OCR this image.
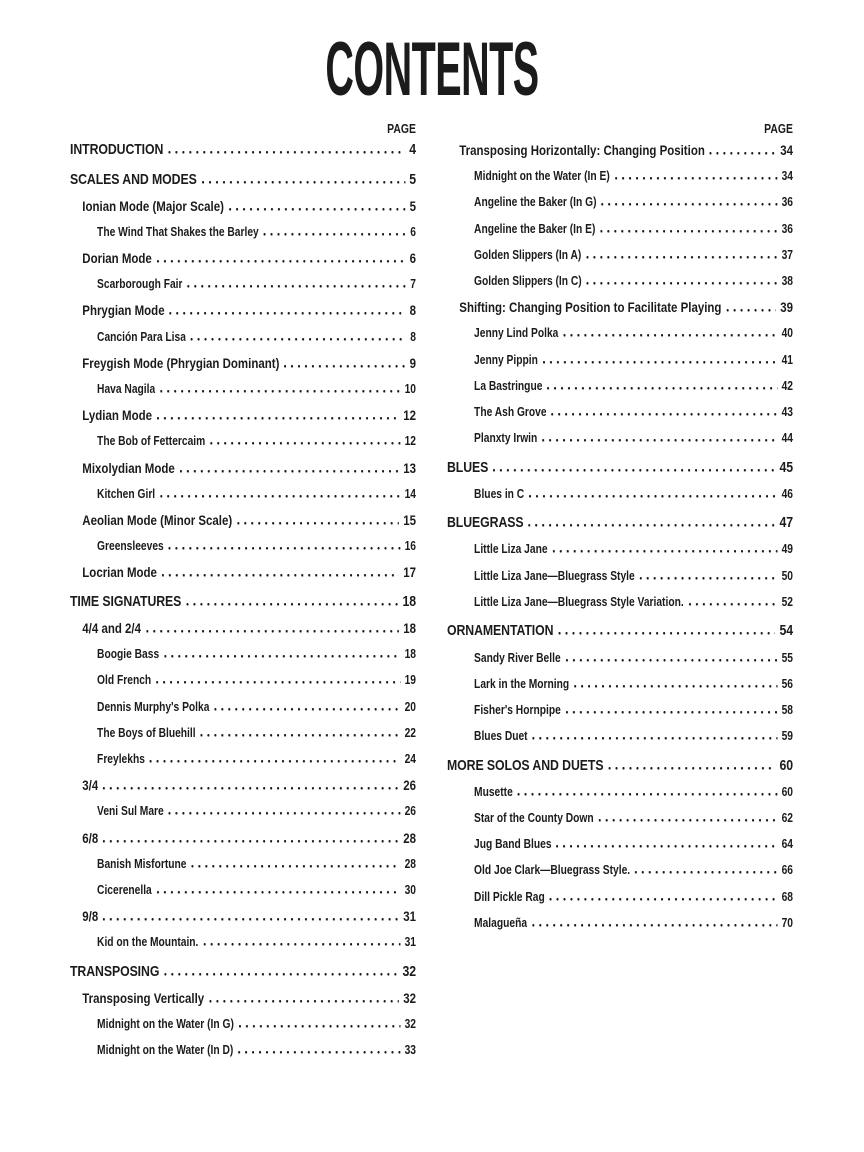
CONTENTS
PAGE
INTRODUCTION	4
SCALES AND MODES	5
Ionian Mode (Major Scale)	5
The Wind That Shakes the Barley	6
Dorian Mode	6
Scarborough Fair	7
Phrygian Mode	8
Canción Para Lisa	8
Freygish Mode (Phrygian Dominant)	9
Hava Nagila	10
Lydian Mode	12
The Bob of Fettercaim	12
Mixolydian Mode	13
Kitchen Girl	14
Aeolian Mode (Minor Scale)	15
Greensleeves	16
Locrian Mode	17
TIME SIGNATURES	18
4/4 and 2/4	18
Boogie Bass	18
Old French	19
Dennis Murphy's Polka	20
The Boys of Bluehill	22
Freylekhs	24
3/4	26
Veni Sul Mare	26
6/8	28
Banish Misfortune	28
Cicerenella	30
9/8	31
Kid on the Mountain.	31
TRANSPOSING	32
Transposing Vertically	32
Midnight on the Water (In G)	32
Midnight on the Water (In D)	33
PAGE
Transposing Horizontally: Changing Position	34
Midnight on the Water (In E)	34
Angeline the Baker (In G)	36
Angeline the Baker (In E)	36
Golden Slippers (In A)	37
Golden Slippers (In C)	38
Shifting: Changing Position to Facilitate Playing	39
Jenny Lind Polka	40
Jenny Pippin	41
La Bastringue	42
The Ash Grove	43
Planxty Irwin	44
BLUES	45
Blues in C	46
BLUEGRASS	47
Little Liza Jane	49
Little Liza Jane—Bluegrass Style	50
Little Liza Jane—Bluegrass Style Variation.	52
ORNAMENTATION	54
Sandy River Belle	55
Lark in the Morning	56
Fisher's Hornpipe	58
Blues Duet	59
MORE SOLOS AND DUETS	60
Musette	60
Star of the County Down	62
Jug Band Blues	64
Old Joe Clark—Bluegrass Style.	66
Dill Pickle Rag	68
Malagueña	70
